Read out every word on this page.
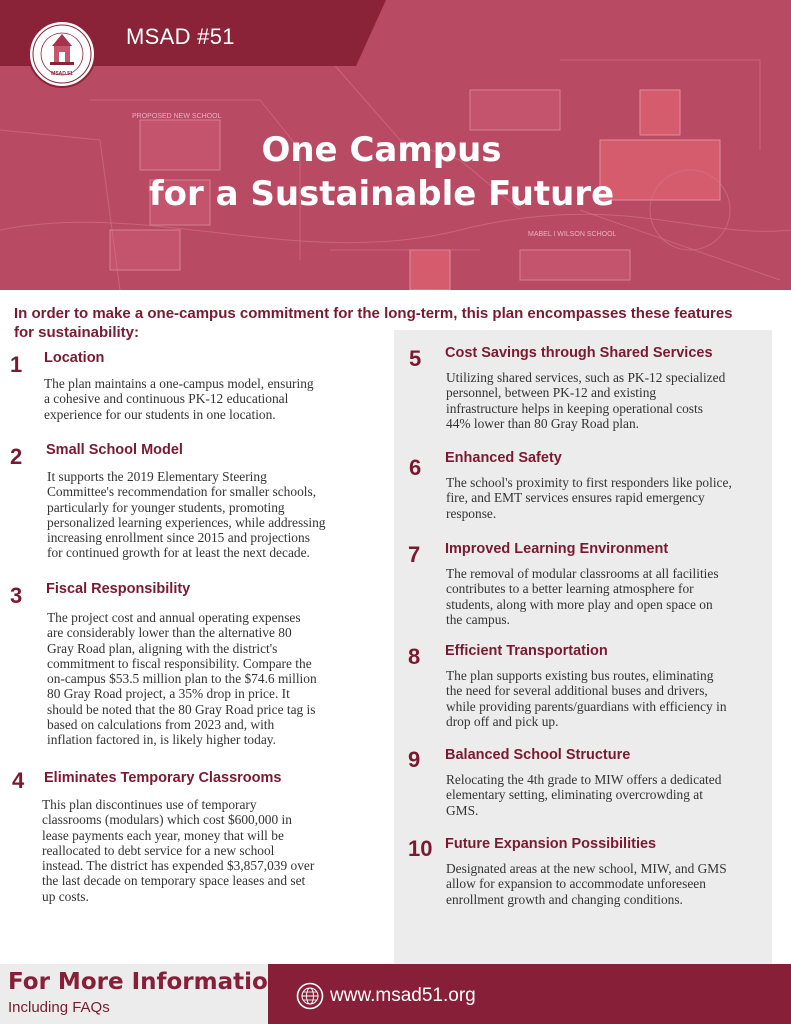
PROPOSED NEW SCHOOL
MABEL I WILSON SCHOOL
MSAD 51
MSAD #51
One Campus
for a Sustainable Future
In order to make a one-campus commitment for the long-term, this plan encompasses these features for sustainability:
1 Location
The plan maintains a one-campus model, ensuring
a cohesive and continuous PK-12 educational
experience for our students in one location.
2 Small School Model
It supports the 2019 Elementary Steering
Committee's recommendation for smaller schools,
particularly for younger students, promoting
personalized learning experiences, while addressing
increasing enrollment since 2015 and projections
for continued growth for at least the next decade.
3 Fiscal Responsibility
The project cost and annual operating expenses
are considerably lower than the alternative 80
Gray Road plan, aligning with the district's
commitment to fiscal responsibility. Compare the
on-campus $53.5 million plan to the $74.6 million
80 Gray Road project, a 35% drop in price. It
should be noted that the 80 Gray Road price tag is
based on calculations from 2023 and, with
inflation factored in, is likely higher today.
4 Eliminates Temporary Classrooms
This plan discontinues use of temporary
classrooms (modulars) which cost $600,000 in
lease payments each year, money that will be
reallocated to debt service for a new school
instead. The district has expended $3,857,039 over
the last decade on temporary space leases and set
up costs.
5 Cost Savings through Shared Services
Utilizing shared services, such as PK-12 specialized
personnel, between PK-12 and existing
infrastructure helps in keeping operational costs
44% lower than 80 Gray Road plan.
6 Enhanced Safety
The school's proximity to first responders like police,
fire, and EMT services ensures rapid emergency
response.
7 Improved Learning Environment
The removal of modular classrooms at all facilities
contributes to a better learning atmosphere for
students, along with more play and open space on
the campus.
8 Efficient Transportation
The plan supports existing bus routes, eliminating
the need for several additional buses and drivers,
while providing parents/guardians with efficiency in
drop off and pick up.
9 Balanced School Structure
Relocating the 4th grade to MIW offers a dedicated
elementary setting, eliminating overcrowding at
GMS.
10 Future Expansion Possibilities
Designated areas at the new school, MIW, and GMS
allow for expansion to accommodate unforeseen
enrollment growth and changing conditions.
For More Information
Including FAQs
www.msad51.org
